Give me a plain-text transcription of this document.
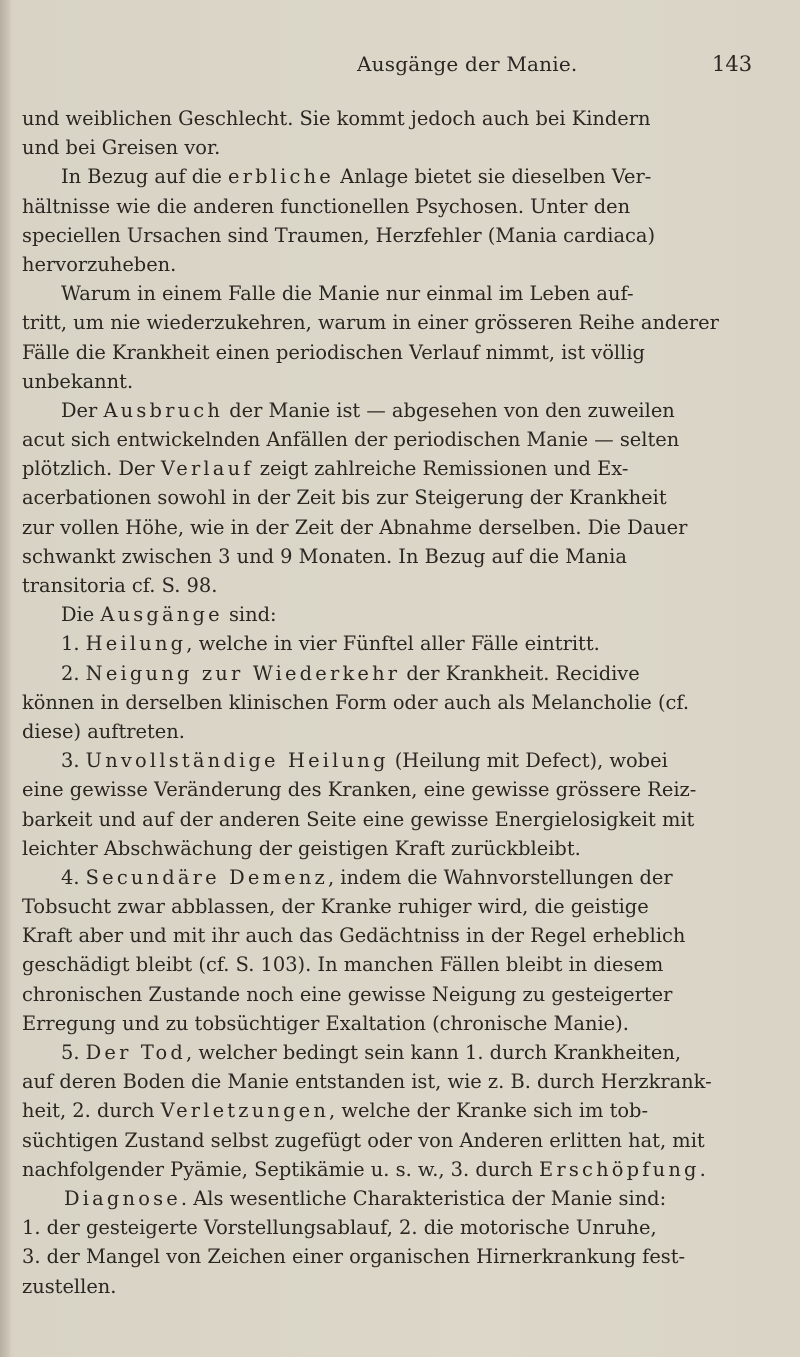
Ausgänge der Manie.	143
und weiblichen Geschlecht. Sie kommt jedoch auch bei Kindern
und bei Greisen vor.
In Bezug auf die erbliche Anlage bietet sie dieselben Ver-
hältnisse wie die anderen functionellen Psychosen. Unter den
speciellen Ursachen sind Traumen, Herzfehler (Mania cardiaca)
hervorzuheben.
Warum in einem Falle die Manie nur einmal im Leben auf-
tritt, um nie wiederzukehren, warum in einer grösseren Reihe anderer
Fälle die Krankheit einen periodischen Verlauf nimmt, ist völlig
unbekannt.
Der Ausbruch der Manie ist — abgesehen von den zuweilen
acut sich entwickelnden Anfällen der periodischen Manie — selten
plötzlich. Der Verlauf zeigt zahlreiche Remissionen und Ex-
acerbationen sowohl in der Zeit bis zur Steigerung der Krankheit
zur vollen Höhe, wie in der Zeit der Abnahme derselben. Die Dauer
schwankt zwischen 3 und 9 Monaten. In Bezug auf die Mania
transitoria cf. S. 98.
Die Ausgänge sind:
1. Heilung, welche in vier Fünftel aller Fälle eintritt.
2. Neigung zur Wiederkehr der Krankheit. Recidive
können in derselben klinischen Form oder auch als Melancholie (cf.
diese) auftreten.
3. Unvollständige Heilung (Heilung mit Defect), wobei
eine gewisse Veränderung des Kranken, eine gewisse grössere Reiz-
barkeit und auf der anderen Seite eine gewisse Energielosigkeit mit
leichter Abschwächung der geistigen Kraft zurückbleibt.
4. Secundäre Demenz, indem die Wahnvorstellungen der
Tobsucht zwar abblassen, der Kranke ruhiger wird, die geistige
Kraft aber und mit ihr auch das Gedächtniss in der Regel erheblich
geschädigt bleibt (cf. S. 103). In manchen Fällen bleibt in diesem
chronischen Zustande noch eine gewisse Neigung zu gesteigerter
Erregung und zu tobsüchtiger Exaltation (chronische Manie).
5. Der Tod, welcher bedingt sein kann 1. durch Krankheiten,
auf deren Boden die Manie entstanden ist, wie z. B. durch Herzkrank-
heit, 2. durch Verletzungen, welche der Kranke sich im tob-
süchtigen Zustand selbst zugefügt oder von Anderen erlitten hat, mit
nachfolgender Pyämie, Septikämie u. s. w., 3. durch Erschöpfung.
Diagnose. Als wesentliche Charakteristica der Manie sind:
1. der gesteigerte Vorstellungsablauf, 2. die motorische Unruhe,
3. der Mangel von Zeichen einer organischen Hirnerkrankung fest-
zustellen.
